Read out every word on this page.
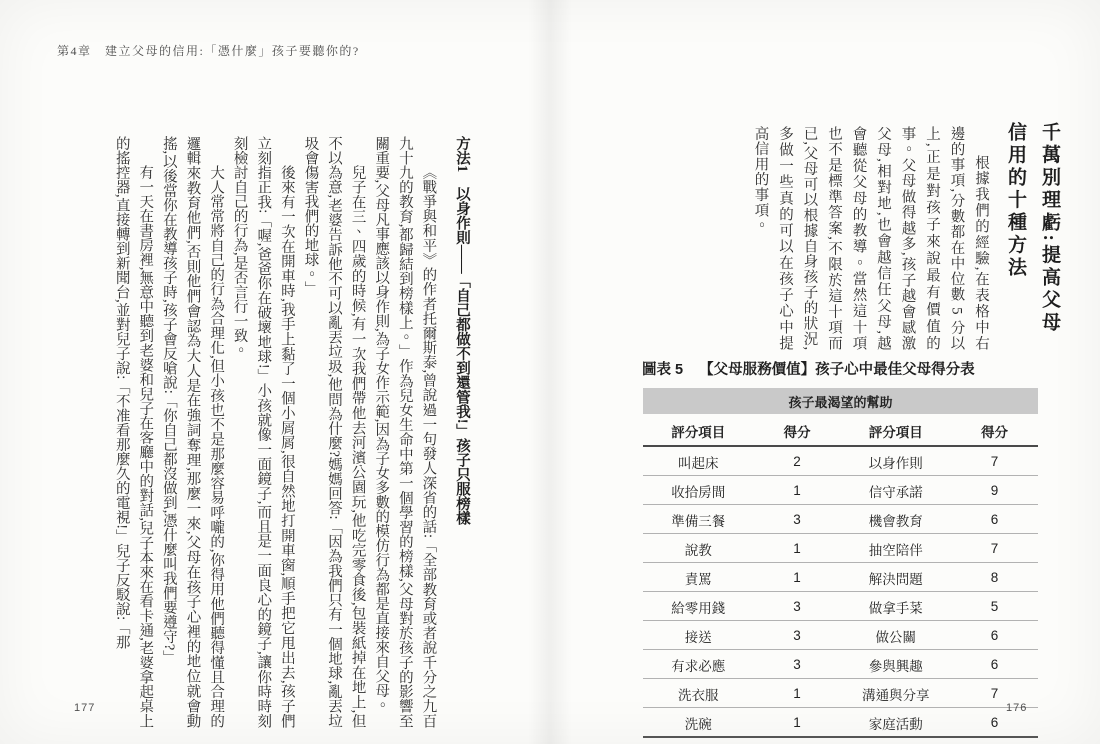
第4章　建立父母的信用:「憑什麼」孩子要聽你的?
方法1　以身作則——「自己都做不到還管我!」孩子只服榜樣

《戰爭與和平》的作者托爾斯泰,曾說過一句發人深省的話:「全部教育或者說千分之九百九十九的教育,都歸結到榜樣上。」作為兒女生命中第一個學習的榜樣,父母對於孩子的影響至關重要,父母凡事應該以身作則,為子女作示範,因為子女多數的模仿行為都是直接來自父母。

兒子在三、四歲的時候,有一次我們帶他去河濱公園玩,他吃完零食後,包裝紙掉在地上,但不以為意,老婆告訴他不可以亂丟垃圾,他問為什麼?媽媽回答:「因為我們只有一個地球,亂丟垃圾會傷害我們的地球。」

後來有一次在開車時,我手上黏了一個小屑屑,很自然地打開車窗,順手把它甩出去,孩子們立刻指正我:「喔,爸爸你在破壞地球!」小孩就像一面鏡子,而且是一面良心的鏡子,讓你時時刻刻檢討自己的行為,是否言行一致。

大人常常將自己的行為合理化,但小孩也不是那麼容易呼嚨的,你得用他們聽得懂且合理的邏輯來教育他們,否則他們會認為大人是在強詞奪理,那麼一來,父母在孩子心裡的地位就會動搖,以後當你在教導孩子時,孩子會反嗆說:「你自己都沒做到,憑什麼叫我們要遵守?」

有一天在書房裡,無意中聽到老婆和兒子在客廳中的對話,兒子本來在看卡通,老婆拿起桌上的搖控器,直接轉到新聞台,並對兒子說:「不准看那麼久的電視!」兒子反駁說:「那

177
千萬別理虧:提高父母信用的十種方法

根據我們的經驗,在表格中右邊的事項,分數都在中位數 5 分以上,正是對孩子來說最有價值的事。父母做得越多,孩子越會感激父母,相對地,也會越信任父母,越會聽從父母的教導。當然這十項也不是標準答案,不限於這十項而已,父母可以根據自身孩子的狀況,多做一些真的可以在孩子心中提高信用的事項。

圖表 5 【父母服務價值】孩子心中最佳父母得分表
孩子最渴望的幫助			
評分項目	得分	評分項目	得分
叫起床	2	以身作則	7
收拾房間	1	信守承諾	9
準備三餐	3	機會教育	6
說教	1	抽空陪伴	7
責罵	1	解決問題	8
給零用錢	3	做拿手菜	5
接送	3	做公關	6
有求必應	3	參與興趣	6
洗衣服	1	溝通與分享	7
洗碗	1	家庭活動	6
176
